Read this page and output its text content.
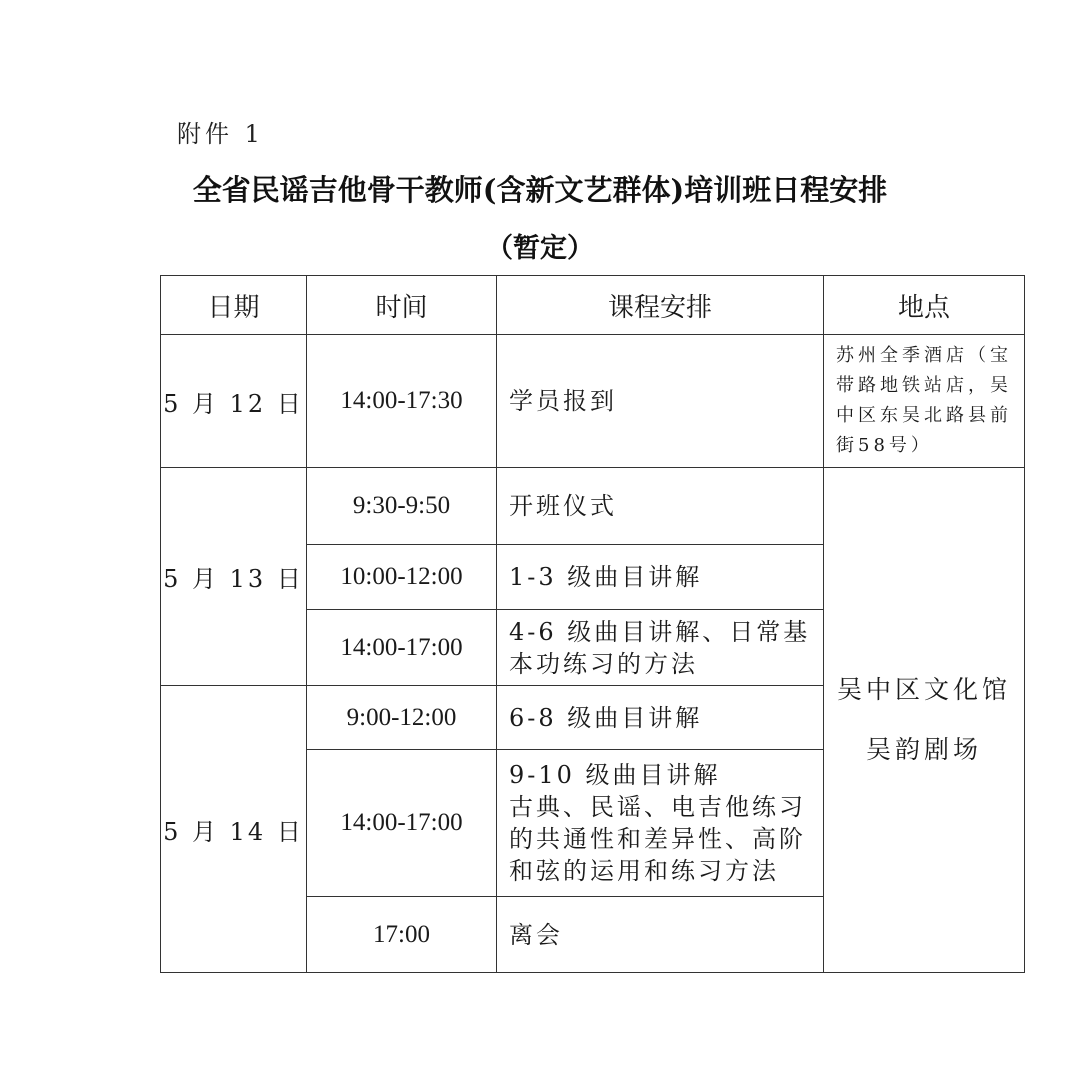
附件 1
全省民谣吉他骨干教师(含新文艺群体)培训班日程安排
（暂定）
日期	时间	课程安排	地点
5 月 12 日	14:00-17:30	学员报到	苏州全季酒店（宝带路地铁站店，吴中区东吴北路县前街58号）
5 月 13 日	9:30-9:50	开班仪式	吴中区文化馆
吴韵剧场

	10:00-12:00	1-3 级曲目讲解	
	14:00-17:00	4-6 级曲目讲解、日常基
本功练习的方法	

5 月 14 日	9:00-12:00	6-8 级曲目讲解	
	14:00-17:00	9-10 级曲目讲解
古典、民谣、电吉他练习
的共通性和差异性、高阶
和弦的运用和练习方法	

	17:00	离会	
